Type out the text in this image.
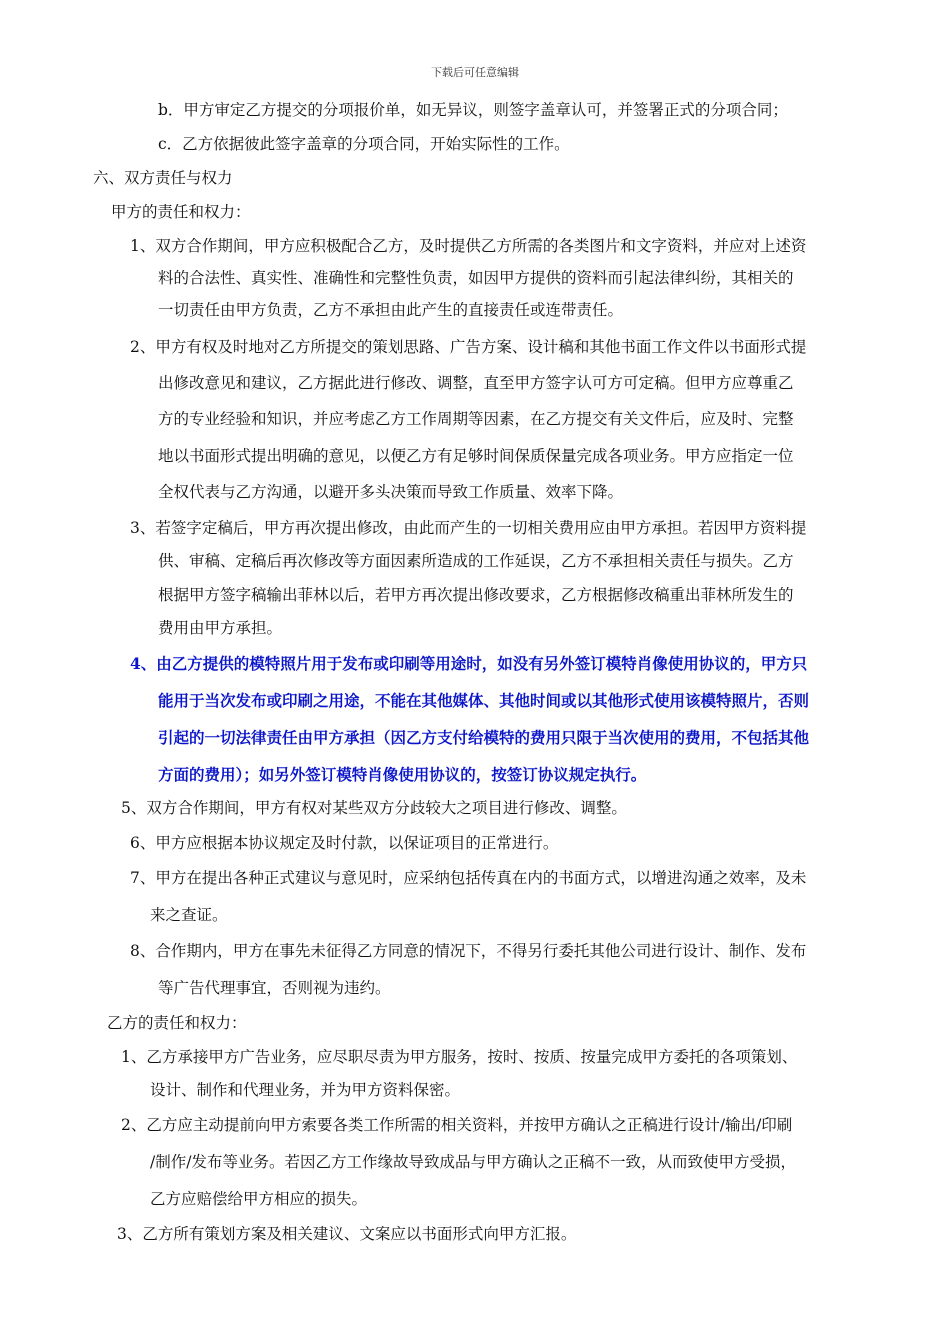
下载后可任意编辑
b．甲方审定乙方提交的分项报价单，如无异议，则签字盖章认可，并签署正式的分项合同；
c．乙方依据彼此签字盖章的分项合同，开始实际性的工作。
六、双方责任与权力
甲方的责任和权力：
1、双方合作期间，甲方应积极配合乙方，及时提供乙方所需的各类图片和文字资料，并应对上述资
料的合法性、真实性、准确性和完整性负责，如因甲方提供的资料而引起法律纠纷，其相关的
一切责任由甲方负责，乙方不承担由此产生的直接责任或连带责任。
2、甲方有权及时地对乙方所提交的策划思路、广告方案、设计稿和其他书面工作文件以书面形式提
出修改意见和建议，乙方据此进行修改、调整，直至甲方签字认可方可定稿。但甲方应尊重乙
方的专业经验和知识，并应考虑乙方工作周期等因素，在乙方提交有关文件后，应及时、完整
地以书面形式提出明确的意见，以便乙方有足够时间保质保量完成各项业务。甲方应指定一位
全权代表与乙方沟通，以避开多头决策而导致工作质量、效率下降。
3、若签字定稿后，甲方再次提出修改，由此而产生的一切相关费用应由甲方承担。若因甲方资料提
供、审稿、定稿后再次修改等方面因素所造成的工作延误，乙方不承担相关责任与损失。乙方
根据甲方签字稿输出菲林以后，若甲方再次提出修改要求，乙方根据修改稿重出菲林所发生的
费用由甲方承担。
4、由乙方提供的模特照片用于发布或印刷等用途时，如没有另外签订模特肖像使用协议的，甲方只
能用于当次发布或印刷之用途，不能在其他媒体、其他时间或以其他形式使用该模特照片，否则
引起的一切法律责任由甲方承担（因乙方支付给模特的费用只限于当次使用的费用，不包括其他
方面的费用）；如另外签订模特肖像使用协议的，按签订协议规定执行。
5、双方合作期间，甲方有权对某些双方分歧较大之项目进行修改、调整。
6、甲方应根据本协议规定及时付款，以保证项目的正常进行。
7、甲方在提出各种正式建议与意见时，应采纳包括传真在内的书面方式，以增进沟通之效率，及未
来之查证。
8、合作期内，甲方在事先未征得乙方同意的情况下，不得另行委托其他公司进行设计、制作、发布
等广告代理事宜，否则视为违约。
乙方的责任和权力：
1、乙方承接甲方广告业务，应尽职尽责为甲方服务，按时、按质、按量完成甲方委托的各项策划、
设计、制作和代理业务，并为甲方资料保密。
2、乙方应主动提前向甲方索要各类工作所需的相关资料，并按甲方确认之正稿进行设计/输出/印刷
/制作/发布等业务。若因乙方工作缘故导致成品与甲方确认之正稿不一致，从而致使甲方受损，
乙方应赔偿给甲方相应的损失。
3、乙方所有策划方案及相关建议、文案应以书面形式向甲方汇报。
